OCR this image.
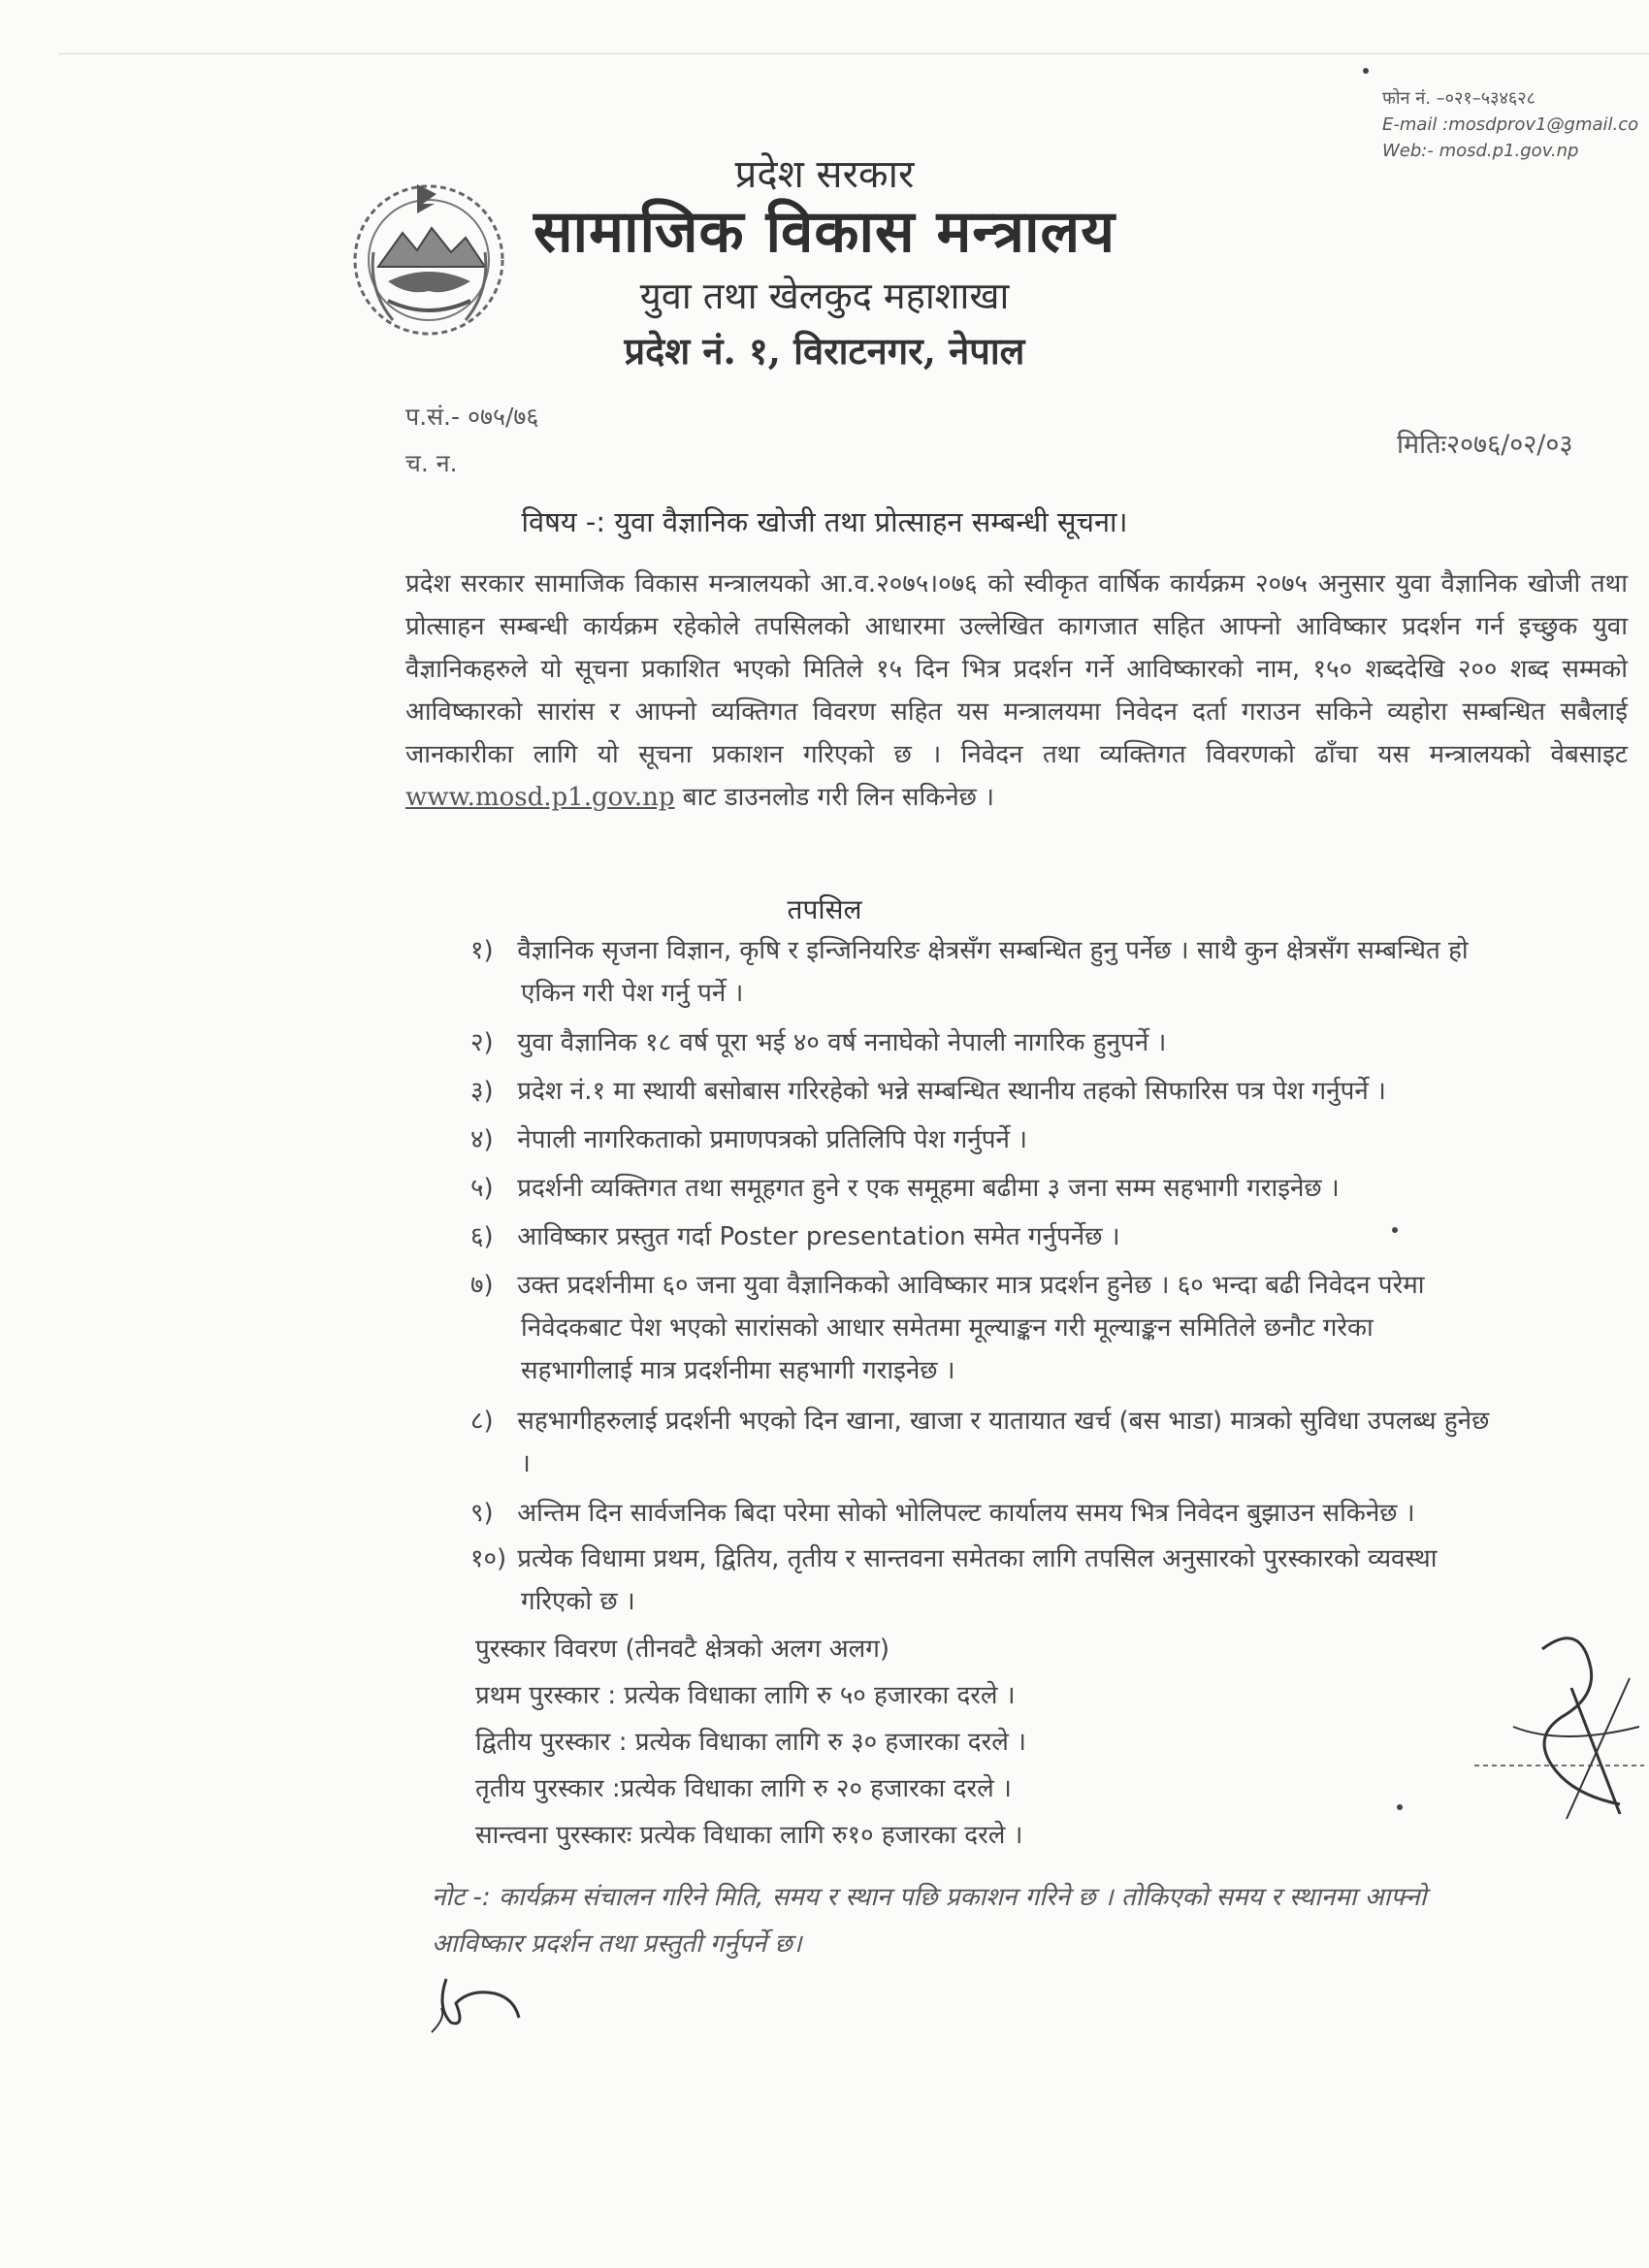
फोन नं. –०२१–५३४६२८
E-mail :mosdprov1@gmail.co
Web:- mosd.p1.gov.np
प्रदेश सरकार
सामाजिक विकास मन्त्रालय
युवा तथा खेलकुद महाशाखा
प्रदेश नं. १, विराटनगर, नेपाल
प.सं.- ०७५/७६
च. न.
मितिः२०७६/०२/०३
विषय -: युवा वैज्ञानिक खोजी तथा प्रोत्साहन सम्बन्धी सूचना।
प्रदेश सरकार सामाजिक विकास मन्त्रालयको आ.व.२०७५।०७६ को स्वीकृत वार्षिक कार्यक्रम २०७५ अनुसार युवा वैज्ञानिक खोजी तथा प्रोत्साहन सम्बन्धी कार्यक्रम रहेकोले तपसिलको आधारमा उल्लेखित कागजात सहित आफ्नो आविष्कार प्रदर्शन गर्न इच्छुक युवा वैज्ञानिकहरुले यो सूचना प्रकाशित भएको मितिले १५ दिन भित्र प्रदर्शन गर्ने आविष्कारको नाम, १५० शब्ददेखि २०० शब्द सम्मको आविष्कारको सारांस र आफ्नो व्यक्तिगत विवरण सहित यस मन्त्रालयमा निवेदन दर्ता गराउन सकिने व्यहोरा सम्बन्धित सबैलाई जानकारीका लागि यो सूचना प्रकाशन गरिएको छ । निवेदन तथा व्यक्तिगत विवरणको ढाँचा यस मन्त्रालयको वेबसाइट www.mosd.p1.gov.np बाट डाउनलोड गरी लिन सकिनेछ ।
तपसिल
१) वैज्ञानिक सृजना विज्ञान, कृषि र इन्जिनियरिङ क्षेत्रसँग सम्बन्धित हुनु पर्नेछ । साथै कुन क्षेत्रसँग सम्बन्धित हो
एकिन गरी पेश गर्नु पर्ने ।
२) युवा वैज्ञानिक १८ वर्ष पूरा भई ४० वर्ष ननाघेको नेपाली नागरिक हुनुपर्ने ।
३) प्रदेश नं.१ मा स्थायी बसोबास गरिरहेको भन्ने सम्बन्धित स्थानीय तहको सिफारिस पत्र पेश गर्नुपर्ने ।
४) नेपाली नागरिकताको प्रमाणपत्रको प्रतिलिपि पेश गर्नुपर्ने ।
५) प्रदर्शनी व्यक्तिगत तथा समूहगत हुने र एक समूहमा बढीमा ३ जना सम्म सहभागी गराइनेछ ।
६) आविष्कार प्रस्तुत गर्दा Poster presentation समेत गर्नुपर्नेछ ।
७) उक्त प्रदर्शनीमा ६० जना युवा वैज्ञानिकको आविष्कार मात्र प्रदर्शन हुनेछ । ६० भन्दा बढी निवेदन परेमा
निवेदकबाट पेश भएको सारांसको आधार समेतमा मूल्याङ्कन गरी मूल्याङ्कन समितिले छनौट गरेका
सहभागीलाई मात्र प्रदर्शनीमा सहभागी गराइनेछ ।
८) सहभागीहरुलाई प्रदर्शनी भएको दिन खाना, खाजा र यातायात खर्च (बस भाडा) मात्रको सुविधा उपलब्ध हुनेछ
।
९) अन्तिम दिन सार्वजनिक बिदा परेमा सोको भोलिपल्ट कार्यालय समय भित्र निवेदन बुझाउन सकिनेछ ।
१०) प्रत्येक विधामा प्रथम, द्वितिय, तृतीय र सान्तवना समेतका लागि तपसिल अनुसारको पुरस्कारको व्यवस्था
गरिएको छ ।
पुरस्कार विवरण (तीनवटै क्षेत्रको अलग अलग)
प्रथम पुरस्कार : प्रत्येक विधाका लागि रु ५० हजारका दरले ।
द्वितीय पुरस्कार : प्रत्येक विधाका लागि रु ३० हजारका दरले ।
तृतीय पुरस्कार :प्रत्येक विधाका लागि रु २० हजारका दरले ।
सान्त्वना पुरस्कारः प्रत्येक विधाका लागि रु१० हजारका दरले ।
नोट -: कार्यक्रम संचालन गरिने मिति, समय र स्थान पछि प्रकाशन गरिने छ । तोकिएको समय र स्थानमा आफ्नो
आविष्कार प्रदर्शन तथा प्रस्तुती गर्नुपर्ने छ।
